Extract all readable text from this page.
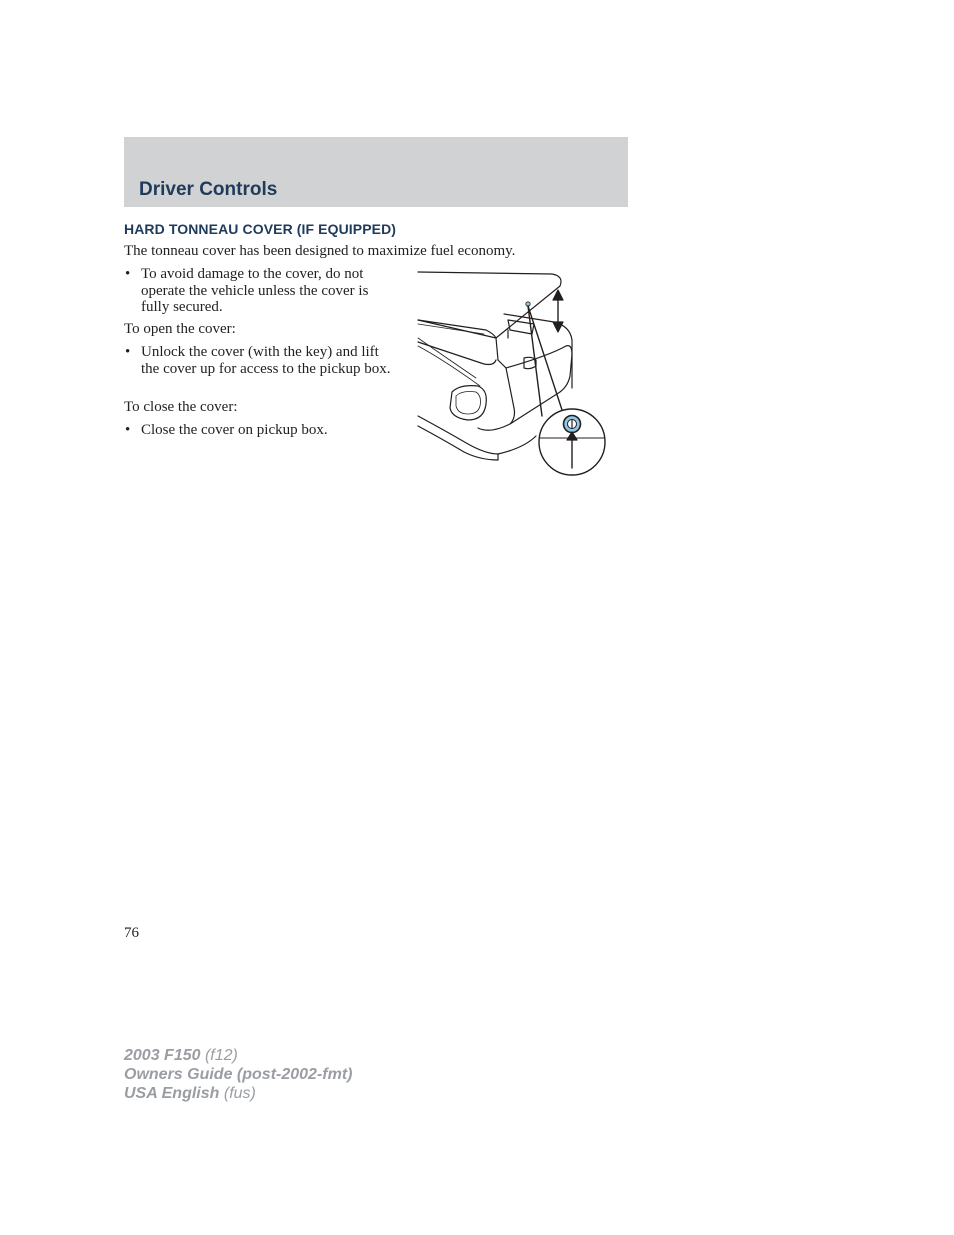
Driver Controls
HARD TONNEAU COVER (IF EQUIPPED)

The tonneau cover has been designed to maximize fuel economy.

• To avoid damage to the cover, do not operate the vehicle unless the cover is fully secured.

To open the cover:

• Unlock the cover (with the key) and lift the cover up for access to the pickup box.

To close the cover:

• Close the cover on pickup box.
76
2003 F150 (f12)
Owners Guide (post-2002-fmt)
USA English (fus)
